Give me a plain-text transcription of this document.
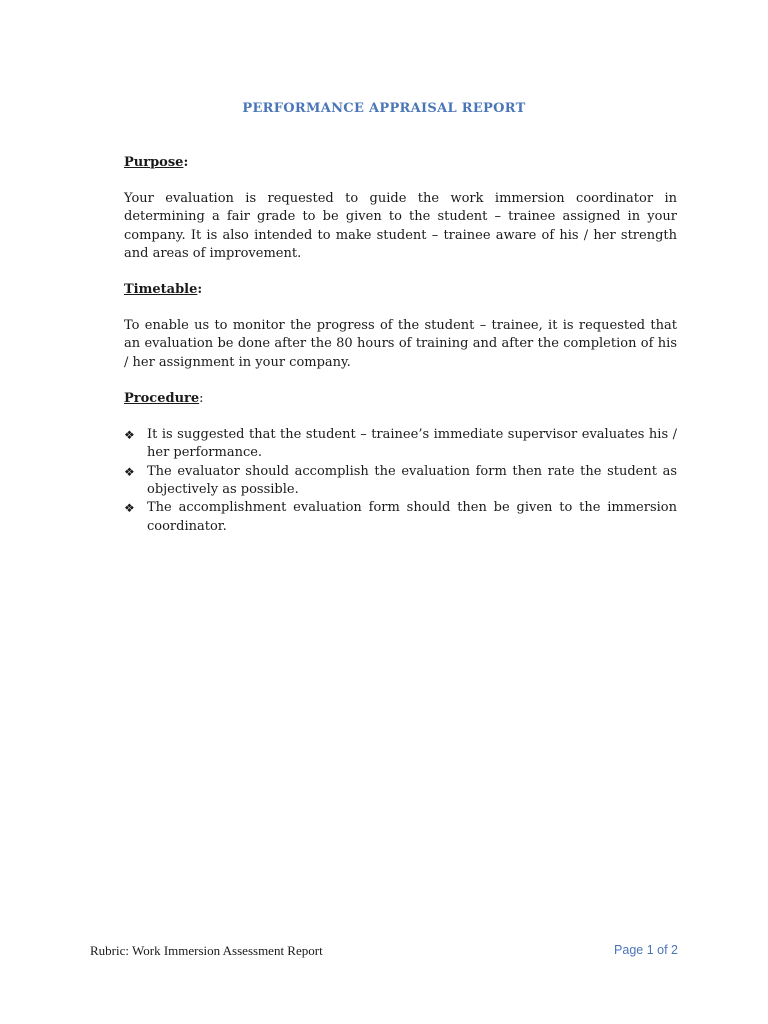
PERFORMANCE APPRAISAL REPORT
Purpose:
Your evaluation is requested to guide the work immersion coordinator in determining a fair grade to be given to the student – trainee assigned in your company. It is also intended to make student – trainee aware of his / her strength and areas of improvement.
Timetable:
To enable us to monitor the progress of the student – trainee, it is requested that an evaluation be done after the 80 hours of training and after the completion of his / her assignment in your company.
Procedure:
❖ It is suggested that the student – trainee’s immediate supervisor evaluates his / her performance.
❖ The evaluator should accomplish the evaluation form then rate the student as objectively as possible.
❖ The accomplishment evaluation form should then be given to the immersion coordinator.
Rubric: Work Immersion Assessment Report	Page 1 of 2
